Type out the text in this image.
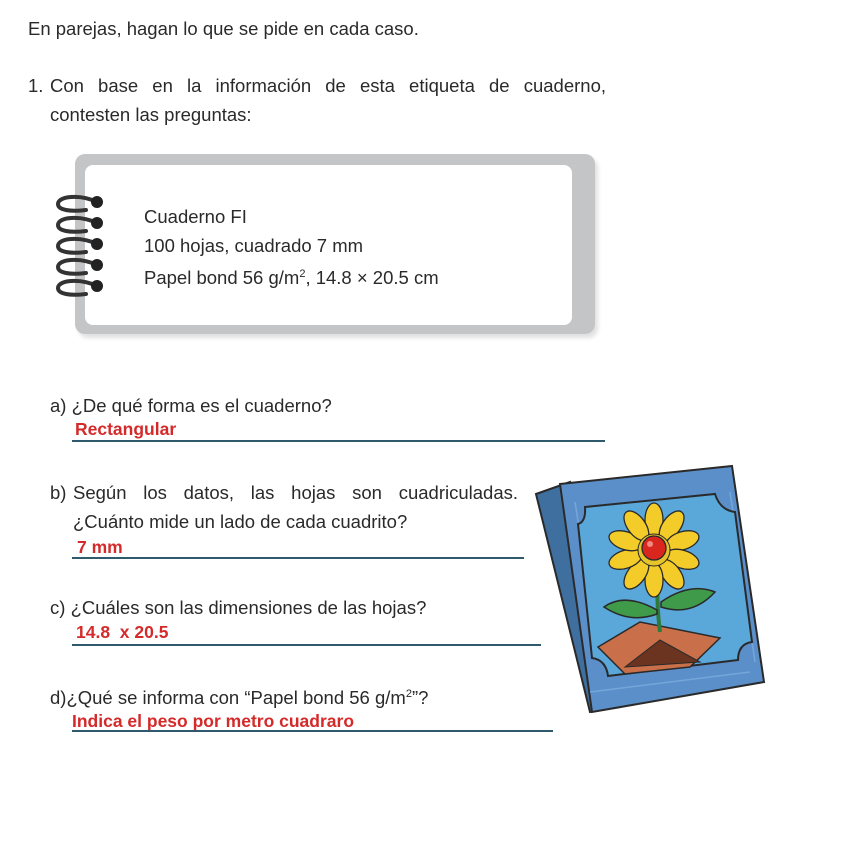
En parejas, hagan lo que se pide en cada caso.
1. Con base en la información de esta etiqueta de cuaderno,
contesten las preguntas:
Cuaderno FI
100 hojas, cuadrado 7 mm
Papel bond 56 $g/m^2$, 14.8 × 20.5 cm
a) ¿De qué forma es el cuaderno?
Rectangular
b) Según los datos, las hojas son cuadriculadas.
¿Cuánto mide un lado de cada cuadrito?
7 mm
c) ¿Cuáles son las dimensiones de las hojas?
14.8  x 20.5
d)¿Qué se informa con “Papel bond 56 $g/m^2$”?
Indica el peso por metro cuadraro
